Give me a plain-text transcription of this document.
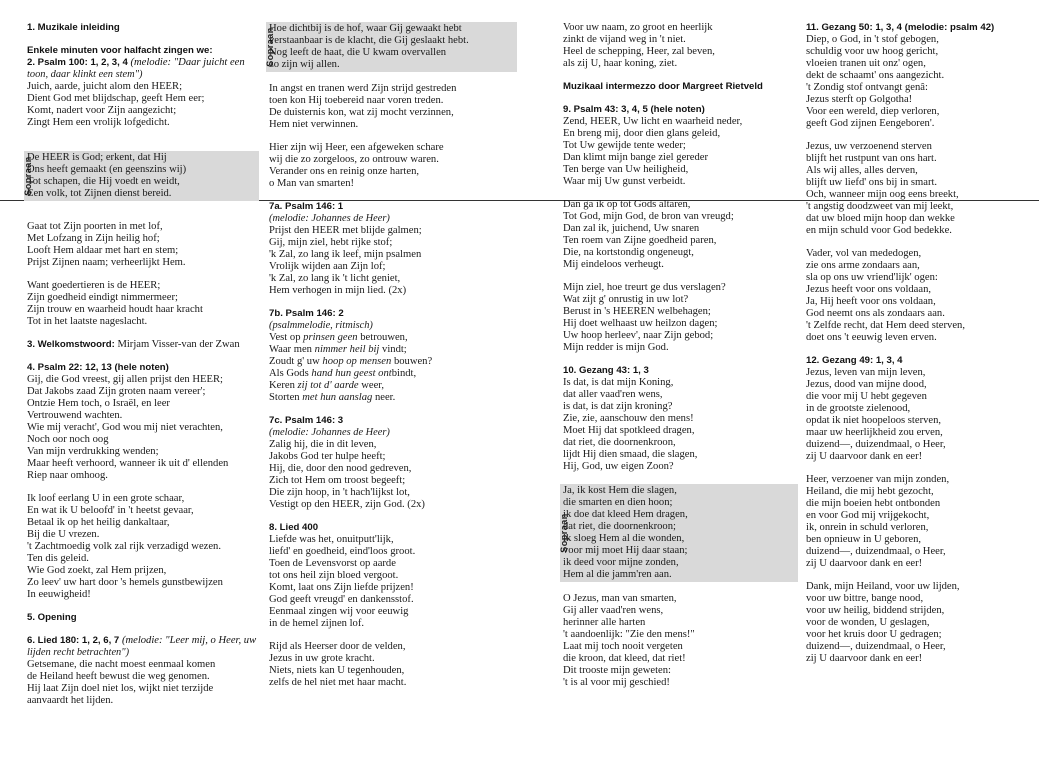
1. Muzikale inleiding
Enkele minuten voor halfacht zingen we:
2. Psalm 100: 1, 2, 3, 4 (melodie: "Daar juicht een
toon, daar klinkt een stem")
Juich, aarde, juicht alom den HEER;
Dient God met blijdschap, geeft Hem eer;
Komt, nadert voor Zijn aangezicht;
Zingt Hem een vrolijk lofgedicht.
Sopraan
De HEER is God; erkent, dat Hij
Ons heeft gemaakt (en geenszins wij)
Tot schapen, die Hij voedt en weidt,
Een volk, tot Zijnen dienst bereid.
Gaat tot Zijn poorten in met lof,
Met Lofzang in Zijn heilig hof;
Looft Hem aldaar met hart en stem;
Prijst Zijnen naam; verheerlijkt Hem.
Want goedertieren is de HEER;
Zijn goedheid eindigt nimmermeer;
Zijn trouw en waarheid houdt haar kracht
Tot in het laatste nageslacht.
3. Welkomstwoord: Mirjam Visser-van der Zwan
4. Psalm 22: 12, 13 (hele noten)
Gij, die God vreest, gij allen prijst den HEER;
Dat Jakobs zaad Zijn groten naam vereer';
Ontzie Hem toch, o Israël, en leer
Vertrouwend wachten.
Wie mij veracht', God wou mij niet verachten,
Noch oor noch oog
Van mijn verdrukking wenden;
Maar heeft verhoord, wanneer ik uit d' ellenden
Riep naar omhoog.
Ik loof eerlang U in een grote schaar,
En wat ik U beloofd' in 't heetst gevaar,
Betaal ik op het heilig dankaltaar,
Bij die U vrezen.
't Zachtmoedig volk zal rijk verzadigd wezen.
Ten dis geleid.
Wie God zoekt, zal Hem prijzen,
Zo leev' uw hart door 's hemels gunstbewijzen
In eeuwigheid!
5. Opening
6. Lied 180: 1, 2, 6, 7 (melodie: "Leer mij, o Heer, uw
lijden recht betrachten")
Getsemane, die nacht moest eenmaal komen
de Heiland heeft bewust die weg genomen.
Hij laat Zijn doel niet los, wijkt niet terzijde
aanvaardt het lijden.
Sopraan
Hoe dichtbij is de hof, waar Gij gewaakt hebt
verstaanbaar is de klacht, die Gij geslaakt hebt.
Nog leeft de haat, die U kwam overvallen
zo zijn wij allen.
In angst en tranen werd Zijn strijd gestreden
toen kon Hij toebereid naar voren treden.
De duisternis kon, wat zij mocht verzinnen,
Hem niet verwinnen.
Hier zijn wij Heer, een afgeweken schare
wij die zo zorgeloos, zo ontrouw waren.
Verander ons en reinig onze harten,
o Man van smarten!
7a. Psalm 146: 1
(melodie: Johannes de Heer)
Prijst den HEER met blijde galmen;
Gij, mijn ziel, hebt rijke stof;
'k Zal, zo lang ik leef, mijn psalmen
Vrolijk wijden aan Zijn lof;
'k Zal, zo lang ik 't licht geniet,
Hem verhogen in mijn lied. (2x)
7b. Psalm 146: 2
(psalmmelodie, ritmisch)
Vest op prinsen geen betrouwen,
Waar men nimmer heil bij vindt;
Zoudt g' uw hoop op mensen bouwen?
Als Gods hand hun geest ontbindt,
Keren zij tot d' aarde weer,
Storten met hun aanslag neer.
7c. Psalm 146: 3
(melodie: Johannes de Heer)
Zalig hij, die in dit leven,
Jakobs God ter hulpe heeft;
Hij, die, door den nood gedreven,
Zich tot Hem om troost begeeft;
Die zijn hoop, in 't hach'lijkst lot,
Vestigt op den HEER, zijn God. (2x)
8. Lied 400
Liefde was het, onuitputt'lijk,
liefd' en goedheid, eind'loos groot.
Toen de Levensvorst op aarde
tot ons heil zijn bloed vergoot.
Komt, laat ons Zijn liefde prijzen!
God geeft vreugd' en dankensstof.
Eenmaal zingen wij voor eeuwig
in de hemel zijnen lof.
Rijd als Heerser door de velden,
Jezus in uw grote kracht.
Niets, niets kan U tegenhouden,
zelfs de hel niet met haar macht.
Voor uw naam, zo groot en heerlijk
zinkt de vijand weg in 't niet.
Heel de schepping, Heer, zal beven,
als zij U, haar koning, ziet.
Muzikaal intermezzo door Margreet Rietveld
9. Psalm 43: 3, 4, 5 (hele noten)
Zend, HEER, Uw licht en waarheid neder,
En breng mij, door dien glans geleid,
Tot Uw gewijde tente weder;
Dan klimt mijn bange ziel gereder
Ten berge van Uw heiligheid,
Waar mij Uw gunst verbeidt.
Dan ga ik op tot Gods altaren,
Tot God, mijn God, de bron van vreugd;
Dan zal ik, juichend, Uw snaren
Ten roem van Zijne goedheid paren,
Die, na kortstondig ongeneugt,
Mij eindeloos verheugt.
Mijn ziel, hoe treurt ge dus verslagen?
Wat zijt g' onrustig in uw lot?
Berust in 's HEEREN welbehagen;
Hij doet welhaast uw heilzon dagen;
Uw hoop herleev', naar Zijn gebod;
Mijn redder is mijn God.
10. Gezang 43: 1, 3
Is dat, is dat mijn Koning,
dat aller vaad'ren wens,
is dat, is dat zijn kroning?
Zie, zie, aanschouw den mens!
Moet Hij dat spotkleed dragen,
dat riet, die doornenkroon,
lijdt Hij dien smaad, die slagen,
Hij, God, uw eigen Zoon?
Sopraan
Ja, ik kost Hem die slagen,
die smarten en dien hoon;
ik doe dat kleed Hem dragen,
dat riet, die doornenkroon;
ik sloeg Hem al die wonden,
voor mij moet Hij daar staan;
ik deed voor mijne zonden,
Hem al die jamm'ren aan.
O Jezus, man van smarten,
Gij aller vaad'ren wens,
herinner alle harten
't aandoenlijk: "Zie den mens!"
Laat mij toch nooit vergeten
die kroon, dat kleed, dat riet!
Dit trooste mijn geweten:
't is al voor mij geschied!
11. Gezang 50: 1, 3, 4 (melodie: psalm 42)
Diep, o God, in 't stof gebogen,
schuldig voor uw hoog gericht,
vloeien tranen uit onz' ogen,
dekt de schaamt' ons aangezicht.
't Zondig stof ontvangt genâ:
Jezus sterft op Golgotha!
Voor een wereld, diep verloren,
geeft God zijnen Eengeboren'.
Jezus, uw verzoenend sterven
blijft het rustpunt van ons hart.
Als wij alles, alles derven,
blijft uw liefd' ons bij in smart.
Och, wanneer mijn oog eens breekt,
't angstig doodzweet van mij leekt,
dat uw bloed mijn hoop dan wekke
en mijn schuld voor God bedekke.
Vader, vol van mededogen,
zie ons arme zondaars aan,
sla op ons uw vriend'lijk' ogen:
Jezus heeft voor ons voldaan,
Ja, Hij heeft voor ons voldaan,
God neemt ons als zondaars aan.
't Zelfde recht, dat Hem deed sterven,
doet ons 't eeuwig leven erven.
12. Gezang 49: 1, 3, 4
Jezus, leven van mijn leven,
Jezus, dood van mijne dood,
die voor mij U hebt gegeven
in de grootste zielenood,
opdat ik niet hoopeloos sterven,
maar uw heerlijkheid zou erven,
duizend—, duizendmaal, o Heer,
zij U daarvoor dank en eer!
Heer, verzoener van mijn zonden,
Heiland, die mij hebt gezocht,
die mijn boeien hebt ontbonden
en voor God mij vrijgekocht,
ik, onrein in schuld verloren,
ben opnieuw in U geboren,
duizend—, duizendmaal, o Heer,
zij U daarvoor dank en eer!
Dank, mijn Heiland, voor uw lijden,
voor uw bittre, bange nood,
voor uw heilig, biddend strijden,
voor de wonden, U geslagen,
voor het kruis door U gedragen;
duizend—, duizendmaal, o Heer,
zij U daarvoor dank en eer!
